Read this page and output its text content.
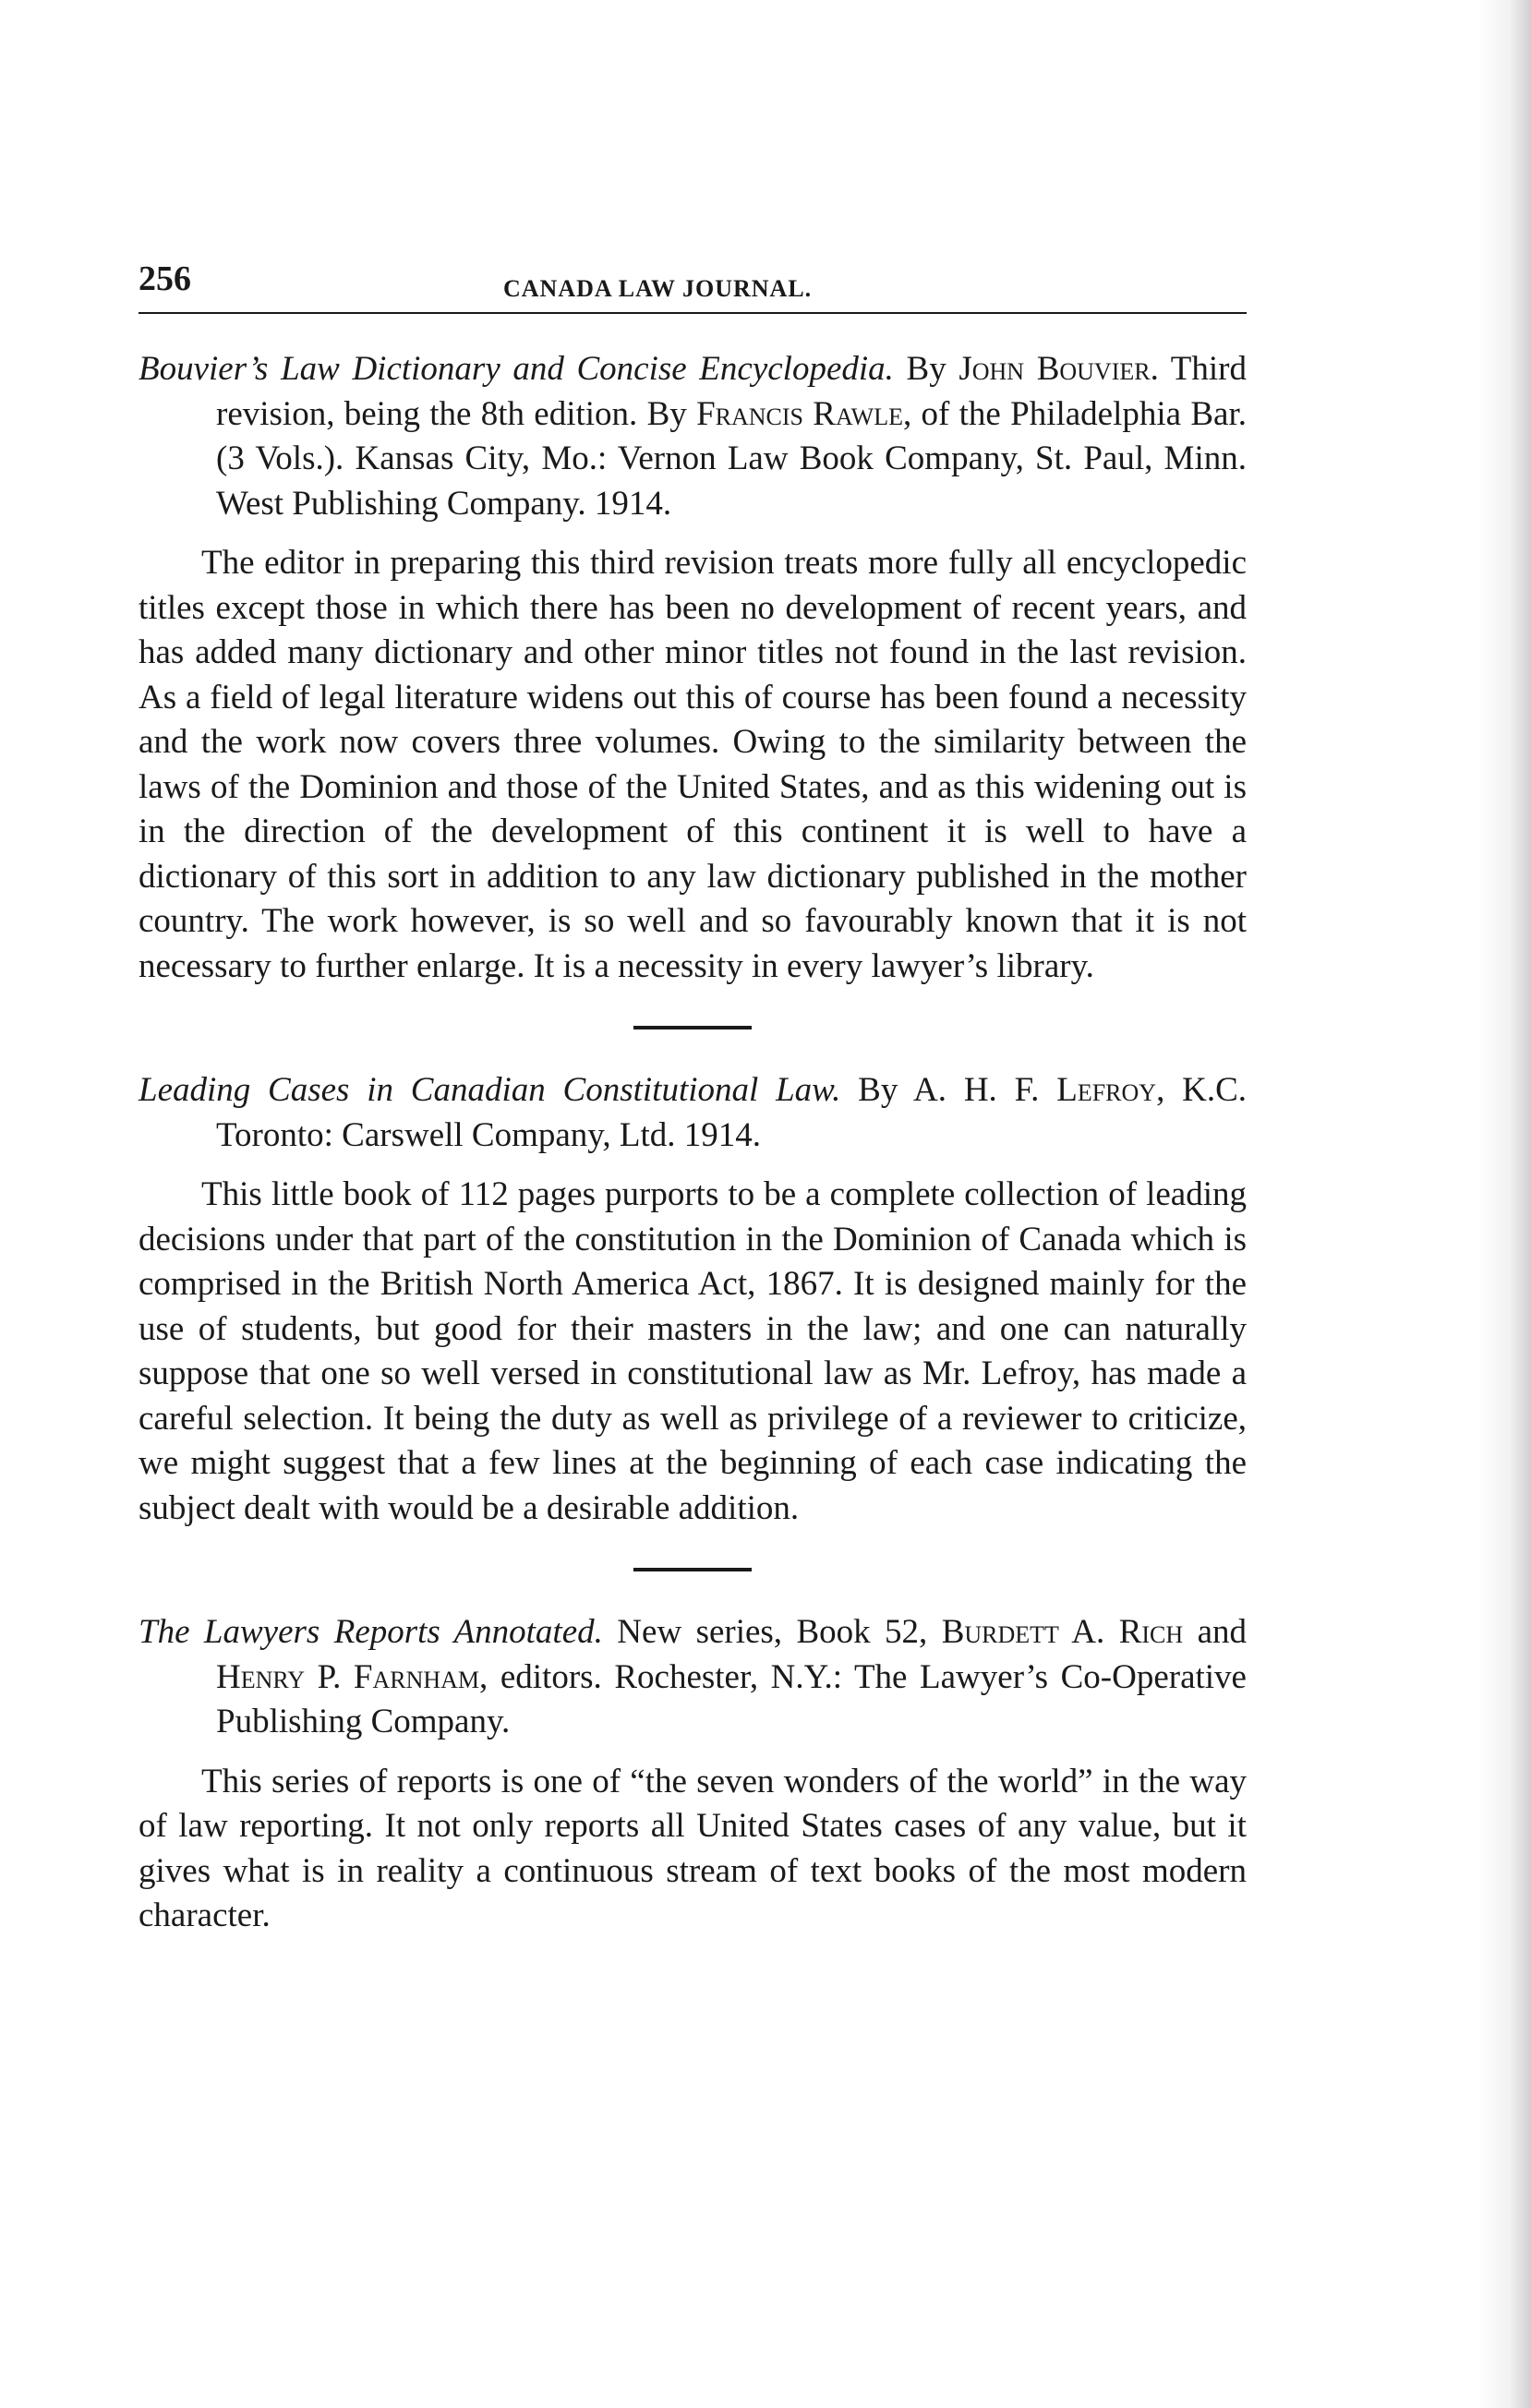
256	CANADA LAW JOURNAL.

Bouvier’s Law Dictionary and Concise Encyclopedia. By John Bouvier. Third revision, being the 8th edition. By Francis Rawle, of the Philadelphia Bar. (3 Vols.). Kansas City, Mo.: Vernon Law Book Company, St. Paul, Minn. West Publishing Company. 1914.

The editor in preparing this third revision treats more fully all encyclopedic titles except those in which there has been no development of recent years, and has added many dictionary and other minor titles not found in the last revision. As a field of legal literature widens out this of course has been found a necessity and the work now covers three volumes. Owing to the similarity between the laws of the Dominion and those of the United States, and as this widening out is in the direction of the development of this continent it is well to have a dictionary of this sort in addition to any law dictionary published in the mother country. The work however, is so well and so favourably known that it is not necessary to further enlarge. It is a necessity in every lawyer’s library.

Leading Cases in Canadian Constitutional Law. By A. H. F. Lefroy, K.C. Toronto: Carswell Company, Ltd. 1914.

This little book of 112 pages purports to be a complete collection of leading decisions under that part of the constitution in the Dominion of Canada which is comprised in the British North America Act, 1867. It is designed mainly for the use of students, but good for their masters in the law; and one can naturally suppose that one so well versed in constitutional law as Mr. Lefroy, has made a careful selection. It being the duty as well as privilege of a reviewer to criticize, we might suggest that a few lines at the beginning of each case indicating the subject dealt with would be a desirable addition.

The Lawyers Reports Annotated. New series, Book 52, Burdett A. Rich and Henry P. Farnham, editors. Rochester, N.Y.: The Lawyer’s Co-Operative Publishing Company.

This series of reports is one of “the seven wonders of the world” in the way of law reporting. It not only reports all United States cases of any value, but it gives what is in reality a continuous stream of text books of the most modern character.
